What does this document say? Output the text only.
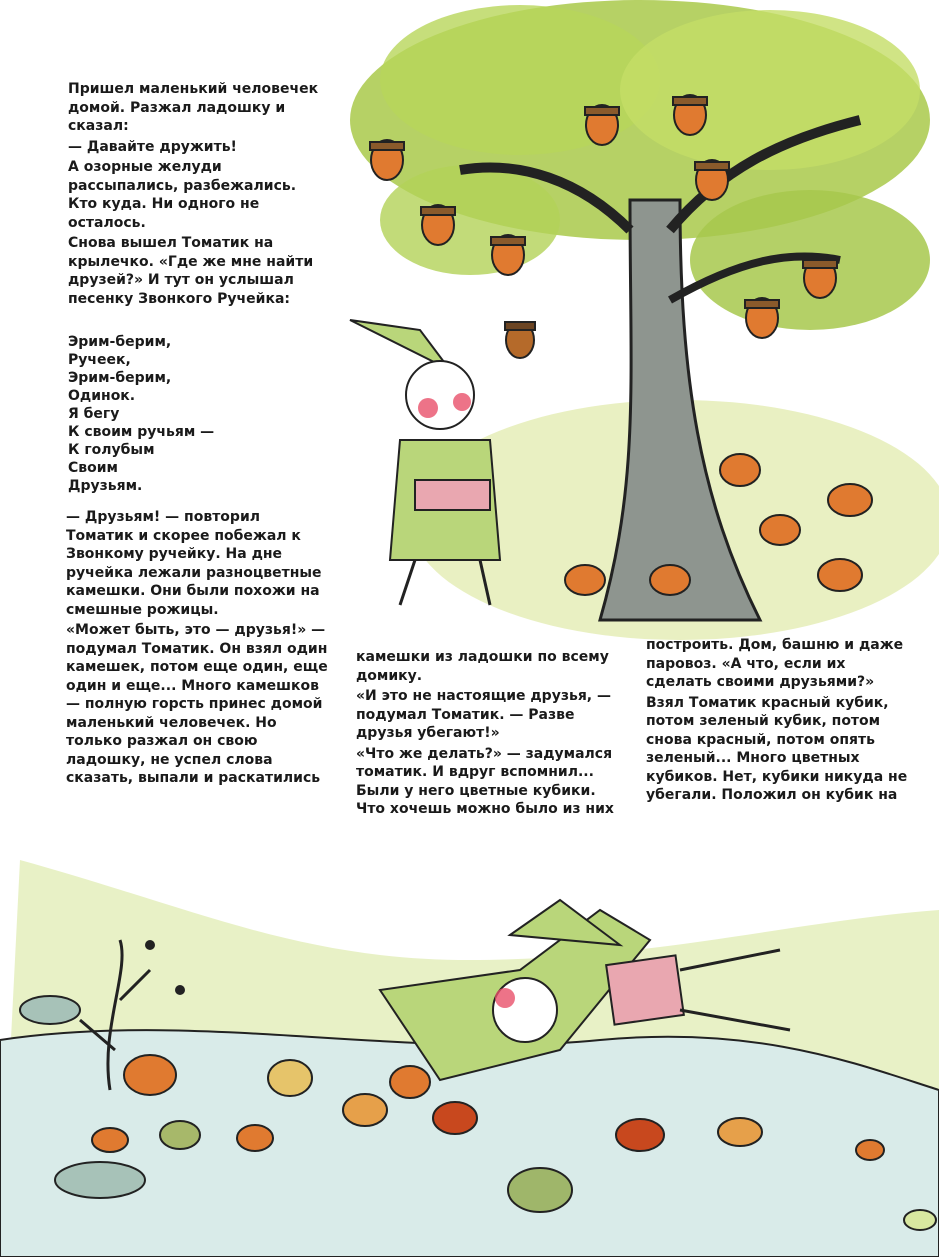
Пришел маленький человечек домой. Разжал ладошку и сказал:

— Давайте дружить!

А озорные желуди рассыпались, разбежались. Кто куда. Ни одного не осталось.

Снова вышел Томатик на крылечко. «Где же мне найти друзей?» И тут он услышал песенку Звонкого Ручейка:

Эрим-берим,
Ручеек,
Эрим-берим,
Одинок.
Я бегу
К своим ручьям —
К голубым
Своим
Друзьям.

— Друзьям! — повторил Томатик и скорее побежал к Звонкому ручейку. На дне ручейка лежали разноцветные камешки. Они были похожи на смешные рожицы.

«Может быть, это — друзья!» — подумал Томатик. Он взял один камешек, потом еще один, еще один и еще... Много камешков — полную горсть принес домой маленький человечек. Но только разжал он свою ладошку, не успел слова сказать, выпали и раскатились

камешки из ладошки по всему домику.

«И это не настоящие друзья, — подумал Томатик. — Разве друзья убегают!»

«Что же делать?» — задумался томатик. И вдруг вспомнил... Были у него цветные кубики. Что хочешь можно было из них

построить. Дом, башню и даже паровоз. «А что, если их сделать своими друзьями?»

Взял Томатик красный кубик, потом зеленый кубик, потом снова красный, потом опять зеленый... Много цветных кубиков. Нет, кубики никуда не убегали. Положил он кубик на
